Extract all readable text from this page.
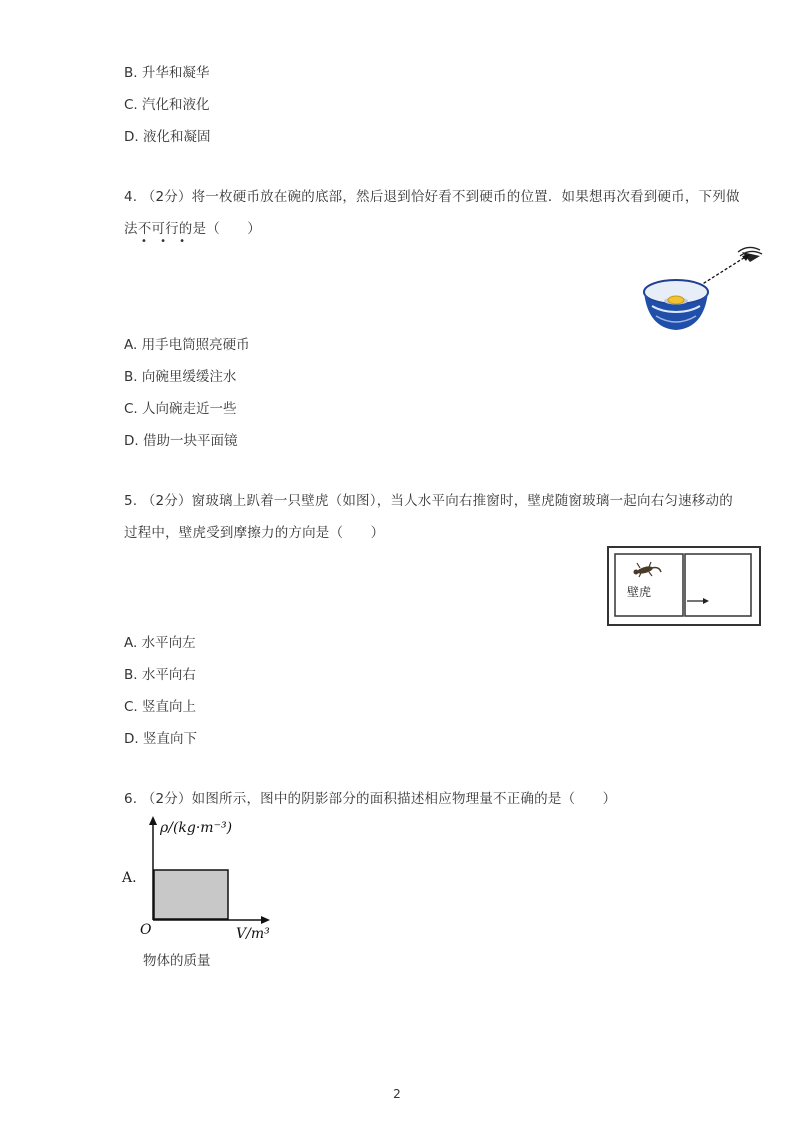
B. 升华和凝华
C. 汽化和液化
D. 液化和凝固
4. （2分）将一枚硬币放在碗的底部，然后退到恰好看不到硬币的位置．如果想再次看到硬币，下列做
法不可行的是（　　）
• • •
A. 用手电筒照亮硬币
B. 向碗里缓缓注水
C. 人向碗走近一些
D. 借助一块平面镜
5. （2分）窗玻璃上趴着一只壁虎（如图），当人水平向右推窗时，壁虎随窗玻璃一起向右匀速移动的
过程中，壁虎受到摩擦力的方向是（　　）
壁虎
A. 水平向左
B. 水平向右
C. 竖直向上
D. 竖直向下
6. （2分）如图所示，图中的阴影部分的面积描述相应物理量不正确的是（　　）
A.
ρ/(kg·m⁻³)
O	V/m³
物体的质量
2
